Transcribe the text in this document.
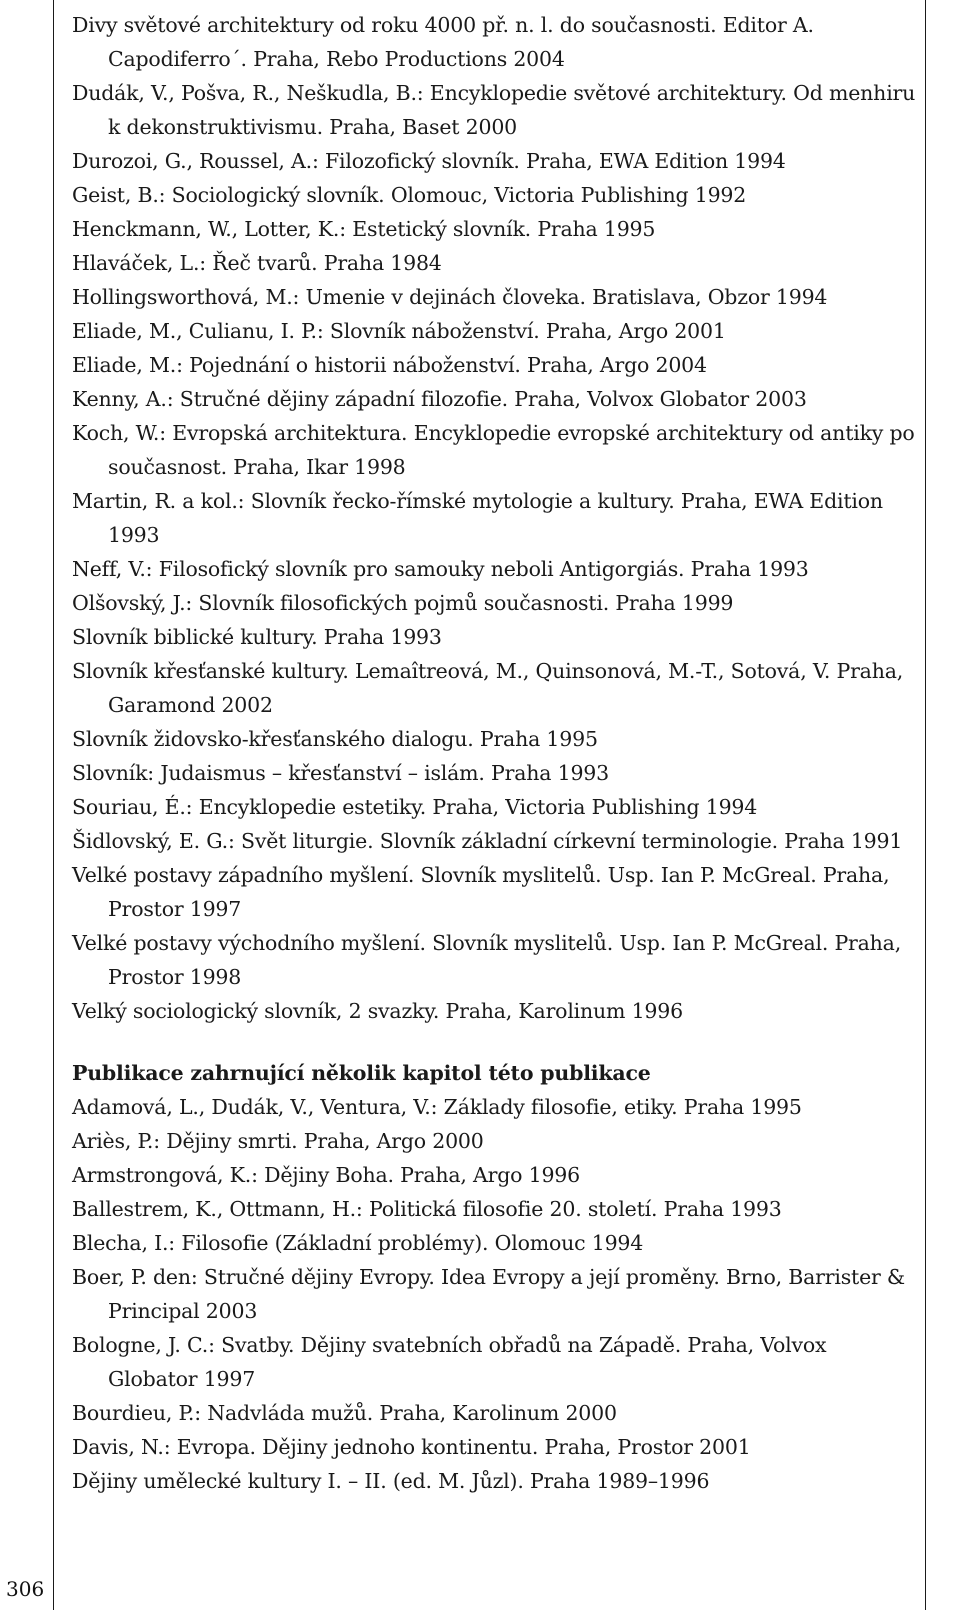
Divy světové architektury od roku 4000 př. n. l. do současnosti. Editor A. Capodiferro´. Praha, Rebo Productions 2004

Dudák, V., Pošva, R., Neškudla, B.: Encyklopedie světové architektury. Od menhiru k dekonstruktivismu. Praha, Baset 2000

Durozoi, G., Roussel, A.: Filozofický slovník. Praha, EWA Edition 1994

Geist, B.: Sociologický slovník. Olomouc, Victoria Publishing 1992

Henckmann, W., Lotter, K.: Estetický slovník. Praha 1995

Hlaváček, L.: Řeč tvarů. Praha 1984

Hollingsworthová, M.: Umenie v dejinách človeka. Bratislava, Obzor 1994

Eliade, M., Culianu, I. P.: Slovník náboženství. Praha, Argo 2001

Eliade, M.: Pojednání o historii náboženství. Praha, Argo 2004

Kenny, A.: Stručné dějiny západní filozofie. Praha, Volvox Globator 2003

Koch, W.: Evropská architektura. Encyklopedie evropské architektury od antiky po současnost. Praha, Ikar 1998

Martin, R. a kol.: Slovník řecko-římské mytologie a kultury. Praha, EWA Edition 1993

Neff, V.: Filosofický slovník pro samouky neboli Antigorgiás. Praha 1993

Olšovský, J.: Slovník filosofických pojmů současnosti. Praha 1999

Slovník biblické kultury. Praha 1993

Slovník křesťanské kultury. Lemaîtreová, M., Quinsonová, M.-T., Sotová, V. Praha, Garamond 2002

Slovník židovsko-křesťanského dialogu. Praha 1995

Slovník: Judaismus – křesťanství – islám. Praha 1993

Souriau, É.: Encyklopedie estetiky. Praha, Victoria Publishing 1994

Šidlovský, E. G.: Svět liturgie. Slovník základní církevní terminologie. Praha 1991

Velké postavy západního myšlení. Slovník myslitelů. Usp. Ian P. McGreal. Praha, Prostor 1997

Velké postavy východního myšlení. Slovník myslitelů. Usp. Ian P. McGreal. Praha, Prostor 1998

Velký sociologický slovník, 2 svazky. Praha, Karolinum 1996

Publikace zahrnující několik kapitol této publikace

Adamová, L., Dudák, V., Ventura, V.: Základy filosofie, etiky. Praha 1995

Ariès, P.: Dějiny smrti. Praha, Argo 2000

Armstrongová, K.: Dějiny Boha. Praha, Argo 1996

Ballestrem, K., Ottmann, H.: Politická filosofie 20. století. Praha 1993

Blecha, I.: Filosofie (Základní problémy). Olomouc 1994

Boer, P. den: Stručné dějiny Evropy. Idea Evropy a její proměny. Brno, Barrister & Principal 2003

Bologne, J. C.: Svatby. Dějiny svatebních obřadů na Západě. Praha, Volvox Globator 1997

Bourdieu, P.: Nadvláda mužů. Praha, Karolinum 2000

Davis, N.: Evropa. Dějiny jednoho kontinentu. Praha, Prostor 2001

Dějiny umělecké kultury I. – II. (ed. M. Jůzl). Praha 1989–1996

306
